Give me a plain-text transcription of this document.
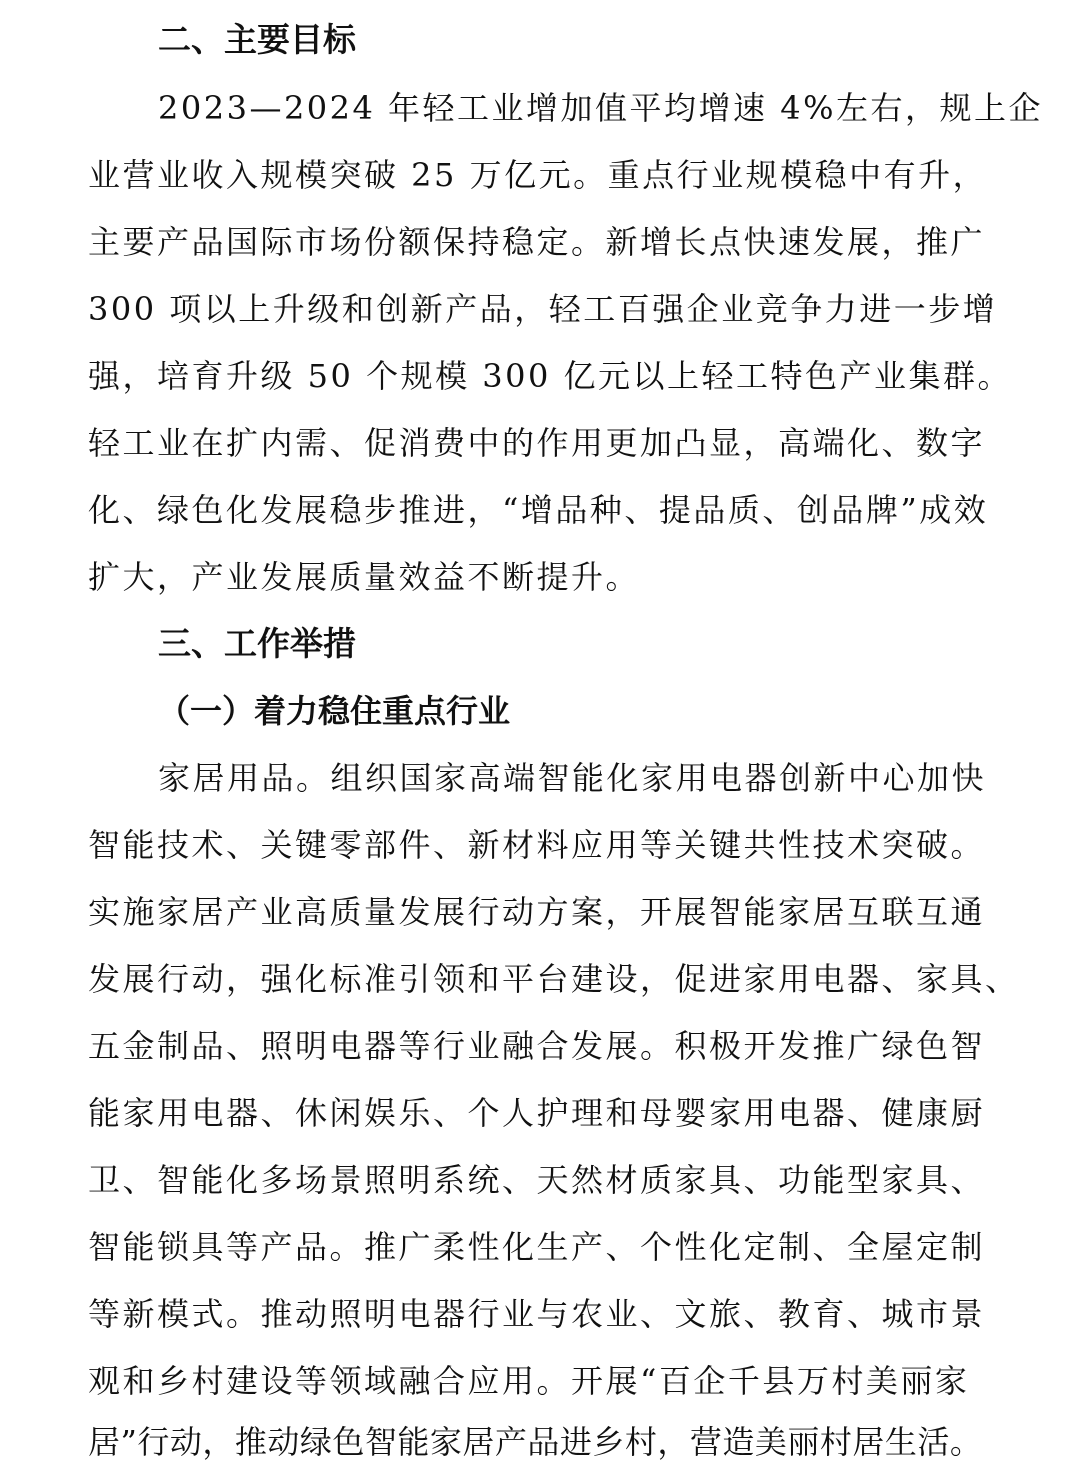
二、主要目标
2023—2024 年轻工业增加值平均增速 4%左右，规上企
业营业收入规模突破 25 万亿元。重点行业规模稳中有升，
主要产品国际市场份额保持稳定。新增长点快速发展，推广
300 项以上升级和创新产品，轻工百强企业竞争力进一步增
强，培育升级 50 个规模 300 亿元以上轻工特色产业集群。
轻工业在扩内需、促消费中的作用更加凸显，高端化、数字
化、绿色化发展稳步推进，“增品种、提品质、创品牌”成效
扩大，产业发展质量效益不断提升。
三、工作举措
（一）着力稳住重点行业
家居用品。组织国家高端智能化家用电器创新中心加快
智能技术、关键零部件、新材料应用等关键共性技术突破。
实施家居产业高质量发展行动方案，开展智能家居互联互通
发展行动，强化标准引领和平台建设，促进家用电器、家具、
五金制品、照明电器等行业融合发展。积极开发推广绿色智
能家用电器、休闲娱乐、个人护理和母婴家用电器、健康厨
卫、智能化多场景照明系统、天然材质家具、功能型家具、
智能锁具等产品。推广柔性化生产、个性化定制、全屋定制
等新模式。推动照明电器行业与农业、文旅、教育、城市景
观和乡村建设等领域融合应用。开展“百企千县万村美丽家
居”行动，推动绿色智能家居产品进乡村，营造美丽村居生活。
